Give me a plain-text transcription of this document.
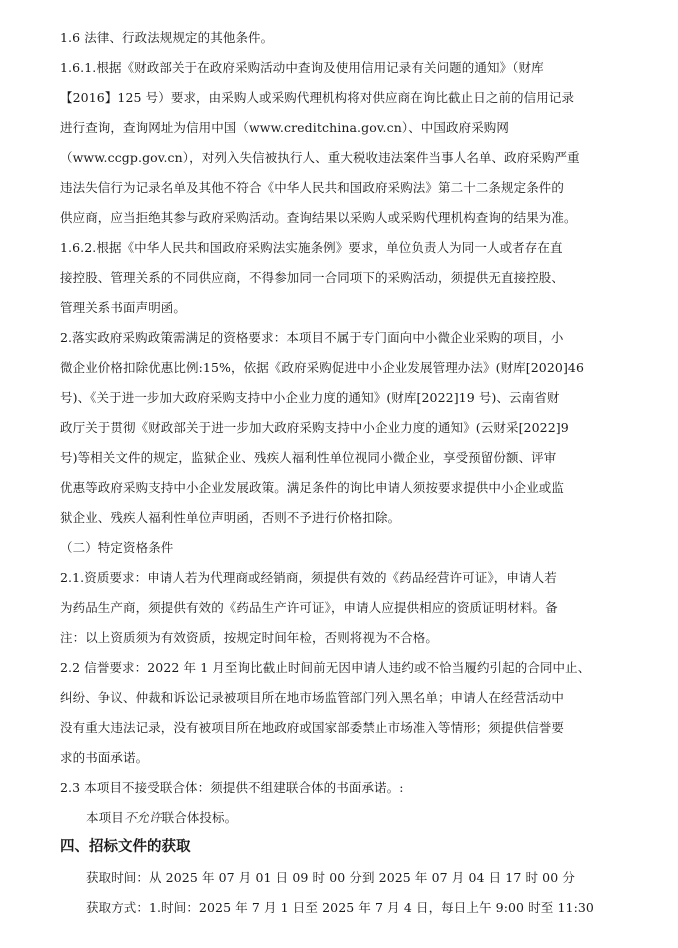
1.6 法律、行政法规规定的其他条件。
1.6.1.根据《财政部关于在政府采购活动中查询及使用信用记录有关问题的通知》（财库
【2016】125 号）要求，由采购人或采购代理机构将对供应商在询比截止日之前的信用记录
进行查询，查询网址为信用中国（www.creditchina.gov.cn）、中国政府采购网
（www.ccgp.gov.cn），对列入失信被执行人、重大税收违法案件当事人名单、政府采购严重
违法失信行为记录名单及其他不符合《中华人民共和国政府采购法》第二十二条规定条件的
供应商，应当拒绝其参与政府采购活动。查询结果以采购人或采购代理机构查询的结果为准。
1.6.2.根据《中华人民共和国政府采购法实施条例》要求，单位负责人为同一人或者存在直
接控股、管理关系的不同供应商，不得参加同一合同项下的采购活动，须提供无直接控股、
管理关系书面声明函。
2.落实政府采购政策需满足的资格要求：本项目不属于专门面向中小微企业采购的项目，小
微企业价格扣除优惠比例:15%，依据《政府采购促进中小企业发展管理办法》(财库[2020]46
号)、《关于进一步加大政府采购支持中小企业力度的通知》(财库[2022]19 号)、云南省财
政厅关于贯彻《财政部关于进一步加大政府采购支持中小企业力度的通知》(云财采[2022]9
号)等相关文件的规定，监狱企业、残疾人福利性单位视同小微企业，享受预留份额、评审
优惠等政府采购支持中小企业发展政策。满足条件的询比申请人须按要求提供中小企业或监
狱企业、残疾人福利性单位声明函，否则不予进行价格扣除。
（二）特定资格条件
2.1.资质要求：申请人若为代理商或经销商，须提供有效的《药品经营许可证》，申请人若
为药品生产商，须提供有效的《药品生产许可证》，申请人应提供相应的资质证明材料。备
注：以上资质须为有效资质，按规定时间年检，否则将视为不合格。
2.2 信誉要求：2022 年 1 月至询比截止时间前无因申请人违约或不恰当履约引起的合同中止、
纠纷、争议、仲裁和诉讼记录被项目所在地市场监管部门列入黑名单；申请人在经营活动中
没有重大违法记录，没有被项目所在地政府或国家部委禁止市场准入等情形；须提供信誉要
求的书面承诺。
2.3 本项目不接受联合体：须提供不组建联合体的书面承诺。:
本项目不允许联合体投标。
四、招标文件的获取
获取时间：从 2025 年 07 月 01 日 09 时 00 分到 2025 年 07 月 04 日 17 时 00 分
获取方式：1.时间：2025 年 7 月 1 日至 2025 年 7 月 4 日，每日上午 9:00 时至 11:30
